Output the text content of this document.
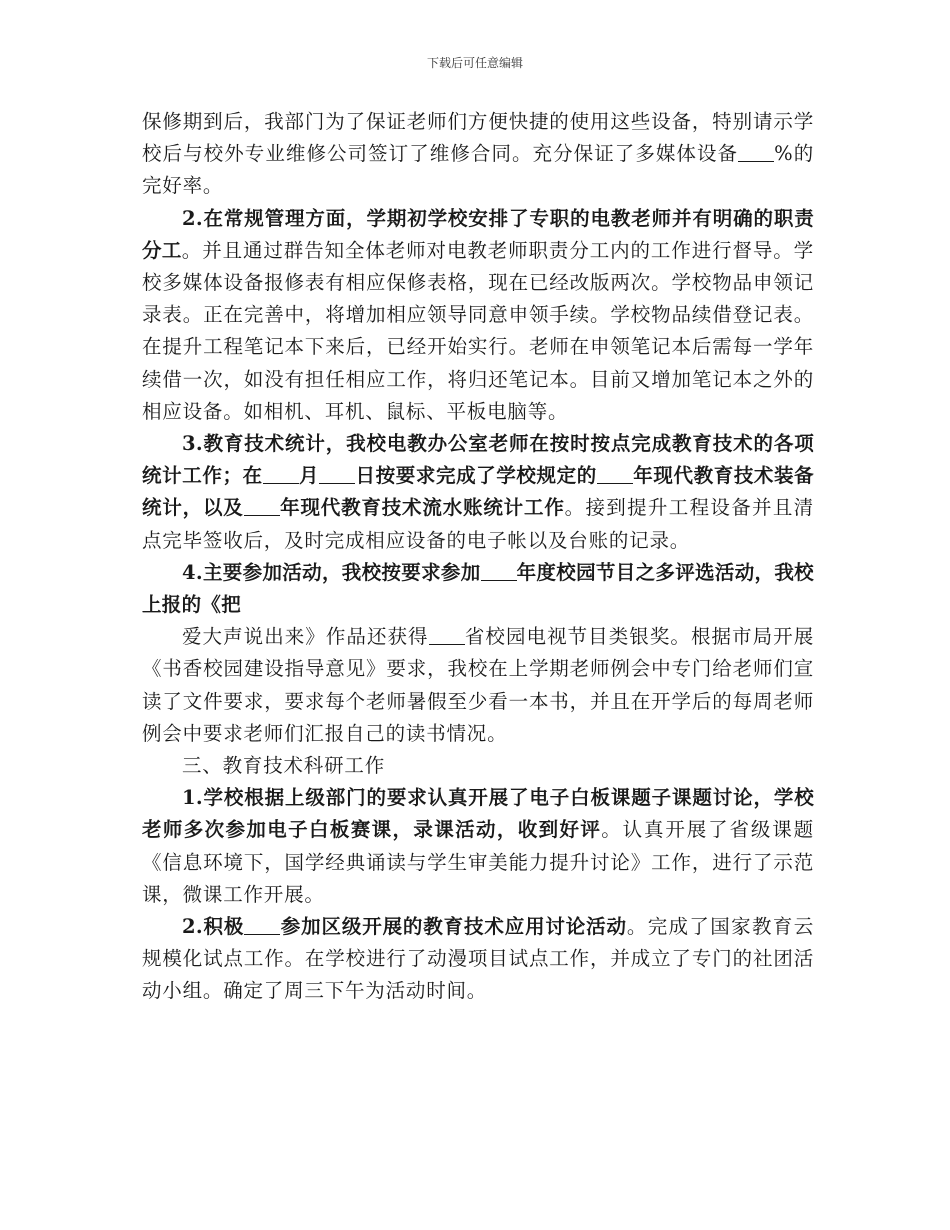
下载后可任意编辑

保修期到后，我部门为了保证老师们方便快捷的使用这些设备，特别请示学校后与校外专业维修公司签订了维修合同。充分保证了多媒体设备 %的完好率。

2.在常规管理方面，学期初学校安排了专职的电教老师并有明确的职责分工。并且通过群告知全体老师对电教老师职责分工内的工作进行督导。学校多媒体设备报修表有相应保修表格，现在已经改版两次。学校物品申领记录表。正在完善中，将增加相应领导同意申领手续。学校物品续借登记表。在提升工程笔记本下来后，已经开始实行。老师在申领笔记本后需每一学年续借一次，如没有担任相应工作，将归还笔记本。目前又增加笔记本之外的相应设备。如相机、耳机、鼠标、平板电脑等。

3.教育技术统计，我校电教办公室老师在按时按点完成教育技术的各项统计工作；在 月 日按要求完成了学校规定的 年现代教育技术装备统计，以及 年现代教育技术流水账统计工作。接到提升工程设备并且清点完毕签收后，及时完成相应设备的电子帐以及台账的记录。

4.主要参加活动，我校按要求参加 年度校园节目之多评选活动，我校上报的《把

爱大声说出来》作品还获得 省校园电视节目类银奖。根据市局开展《书香校园建设指导意见》要求，我校在上学期老师例会中专门给老师们宣读了文件要求，要求每个老师暑假至少看一本书，并且在开学后的每周老师例会中要求老师们汇报自己的读书情况。

三、教育技术科研工作

1.学校根据上级部门的要求认真开展了电子白板课题子课题讨论，学校老师多次参加电子白板赛课，录课活动，收到好评。认真开展了省级课题《信息环境下，国学经典诵读与学生审美能力提升讨论》工作，进行了示范课，微课工作开展。

2.积极 参加区级开展的教育技术应用讨论活动。完成了国家教育云规模化试点工作。在学校进行了动漫项目试点工作，并成立了专门的社团活动小组。确定了周三下午为活动时间。
